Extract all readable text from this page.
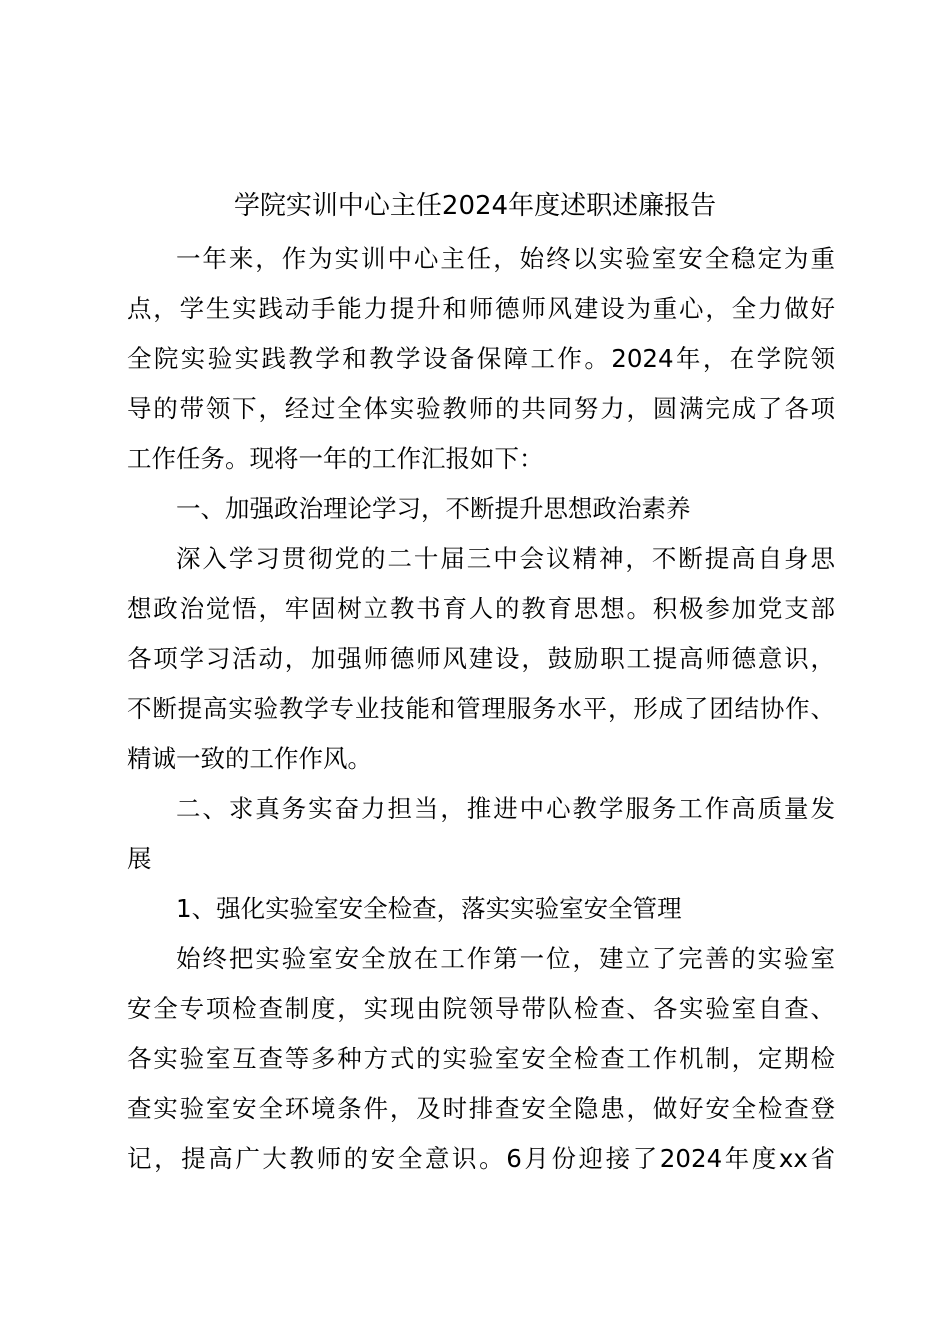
学院实训中心主任2024年度述职述廉报告
一年来，作为实训中心主任，始终以实验室安全稳定为重
点，学生实践动手能力提升和师德师风建设为重心，全力做好
全院实验实践教学和教学设备保障工作。2024年，在学院领
导的带领下，经过全体实验教师的共同努力，圆满完成了各项
工作任务。现将一年的工作汇报如下：
一、加强政治理论学习，不断提升思想政治素养
深入学习贯彻党的二十届三中会议精神，不断提高自身思
想政治觉悟，牢固树立教书育人的教育思想。积极参加党支部
各项学习活动，加强师德师风建设，鼓励职工提高师德意识，
不断提高实验教学专业技能和管理服务水平，形成了团结协作、
精诚一致的工作作风。
二、求真务实奋力担当，推进中心教学服务工作高质量发
展
1、强化实验室安全检查，落实实验室安全管理
始终把实验室安全放在工作第一位，建立了完善的实验室
安全专项检查制度，实现由院领导带队检查、各实验室自查、
各实验室互查等多种方式的实验室安全检查工作机制，定期检
查实验室安全环境条件，及时排查安全隐患，做好安全检查登
记，提高广大教师的安全意识。6月份迎接了2024年度xx省
